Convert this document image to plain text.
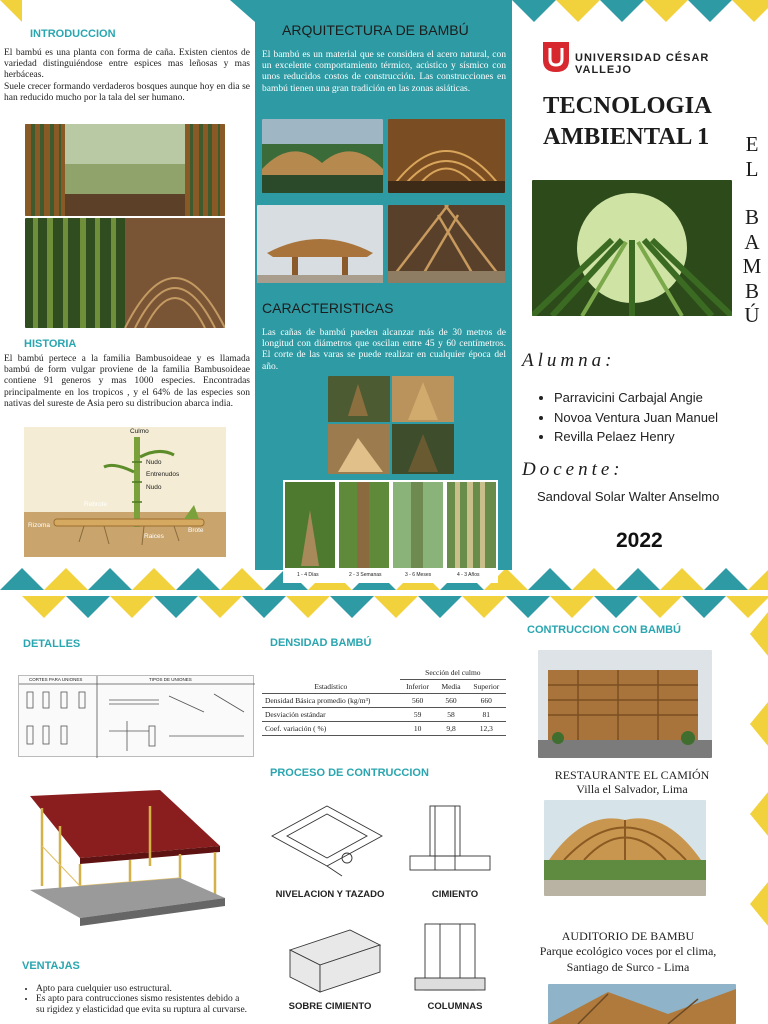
INTRODUCCION
El bambú es una planta con forma de caña. Existen cientos de variedad distinguiéndose entre espices mas leñosas y mas herbáceas.
Suele crecer formando verdaderos bosques aunque hoy en dia se han reducido mucho por la tala del ser humano.
HISTORIA
El bambú pertece a la familia Bambusoideae y es llamada bambú de form vulgar proviene de la familia Bambusoideae contiene 91 generos y mas 1000 especies. Encontradas principalmente en los tropicos , y el 64% de las especies son nativas del sureste de Asia pero su distribucion abarca india.
Culmo
Nudo
Entrenudos
Nudo
Rebrote
Rizoma
Raices
Brote
ARQUITECTURA DE BAMBÚ
El bambú es un material que se considera el acero natural, con un excelente comportamiento térmico, acústico y sísmico con unos reducidos costos de construcción. Las construcciones en bambú tienen una gran tradición en las zonas asiáticas.
CARACTERISTICAS
Las cañas de bambú pueden alcanzar más de 30 metros de longitud con diámetros que oscilan entre 45 y 60 centímetros. El corte de las varas se puede realizar en cualquier época del año.
1 - 4 Días	2 - 3 Semanas	3 - 6 Meses	4 - 3 Años
UNIVERSIDAD CÉSAR VALLEJO
TECNOLOGIA AMBIENTAL 1	E
L
B
A
M
B
Ú
Alumna:
• Parravicini Carbajal Angie
• Novoa Ventura Juan Manuel
• Revilla Pelaez Henry
Docente:
Sandoval Solar Walter Anselmo
2022
DETALLES
CORTES PARA UNIONES	TIPOS DE UNIONES
VENTAJAS
• Apto para cuelquier uso estructural.
• Es apto para contrucciones sismo resistentes debido a su rigidez y elasticidad que evita su ruptura al curvarse.
DENSIDAD BAMBÚ
	Sección del culmo		
Estadístico	Inferior	Media	Superior
Densidad Básica promedio (kg/m³)	560	560	660
Desviación estándar	59	58	81
Coef. variación ( %)	10	9,8	12,3
PROCESO DE CONTRUCCION
NIVELACION Y TAZADO	CIMIENTO
SOBRE CIMIENTO	COLUMNAS
CONTRUCCION CON BAMBÚ
RESTAURANTE EL CAMIÓN
Villa el Salvador, Lima
AUDITORIO DE BAMBU
Parque ecológico voces por el clima, Santiago de Surco - Lima
